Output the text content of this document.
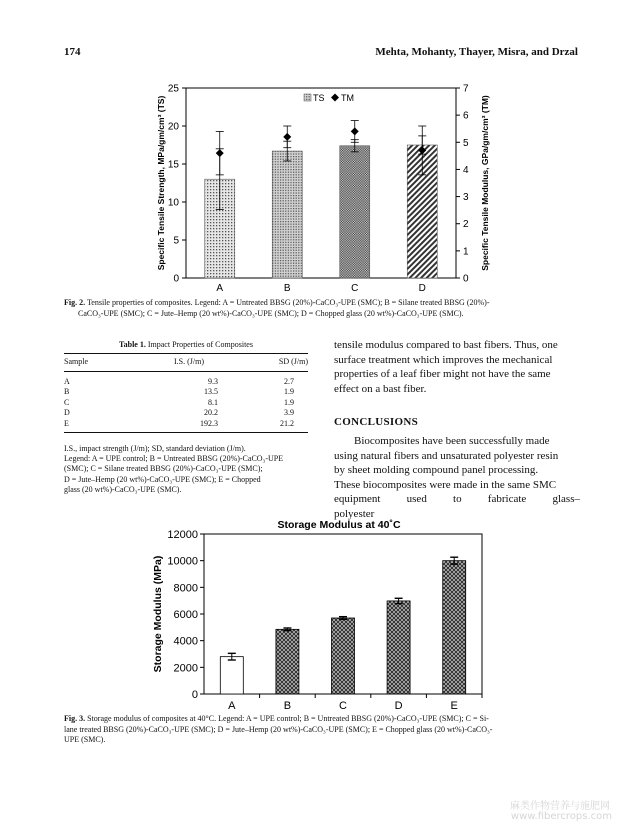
174	Mehta, Mohanty, Thayer, Misra, and Drzal
0
5
10
15
20
25
0
1
2
3
4
5
6
7
A	B	C	D
TS TM
Specific Tensile Strength, MPa/gm/cm³ (TS)	Specific Tensile Modulus, GPa/gm/cm³ (TM)
Fig. 2. Tensile properties of composites. Legend: A = Untreated BBSG (20%)-CaCO₃-UPE (SMC); B = Silane treated BBSG (20%)-
CaCO₃-UPE (SMC); C = Jute–Hemp (20 wt%)-CaCO₃-UPE (SMC); D = Chopped glass (20 wt%)-CaCO₃-UPE (SMC).
Table 1. Impact Properties of Composites
Sample	I.S. (J/m)	SD (J/m)
A		9.3	2.7
B		13.5	1.9
C		8.1	1.9
D		20.2	3.9
E		192.3	21.2
I.S., impact strength (J/m); SD, standard deviation (J/m).
Legend: A = UPE control; B = Untreated BBSG (20%)-CaCO₃-UPE
(SMC); C = Silane treated BBSG (20%)-CaCO₃-UPE (SMC);
D = Jute–Hemp (20 wt%)-CaCO₃-UPE (SMC); E = Chopped
glass (20 wt%)-CaCO₃-UPE (SMC).
tensile modulus compared to bast fibers. Thus, one
surface treatment which improves the mechanical
properties of a leaf fiber might not have the same
effect on a bast fiber.
CONCLUSIONS
Biocomposites have been successfully made
using natural fibers and unsaturated polyester resin
by sheet molding compound panel processing.
These biocomposites were made in the same SMC
equipment used to fabricate glass–polyester
Storage Modulus at 40˚C
0
2000
4000
6000
8000
10000
12000
A	B	C	D	E
Storage Modulus (MPa)
Fig. 3. Storage modulus of composites at 40°C. Legend: A = UPE control; B = Untreated BBSG (20%)-CaCO₃-UPE (SMC); C = Si-
lane treated BBSG (20%)-CaCO₃-UPE (SMC); D = Jute–Hemp (20 wt%)-CaCO₃-UPE (SMC); E = Chopped glass (20 wt%)-CaCO₃-
UPE (SMC).
麻类作物营养与施肥网
www.fibercrops.com
